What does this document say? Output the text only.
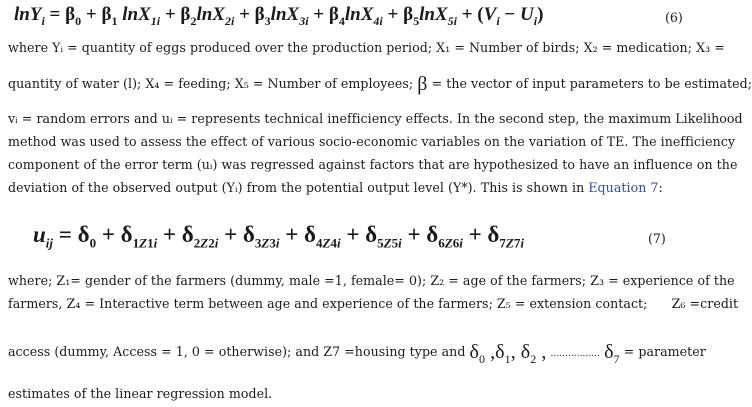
$\ln Y_i = \beta_0 + \beta_1$ $\ln X_{1i} + \beta_2\ln X_{2i} + \beta_3\ln X_{3i} + \beta_4\ln X_{4i} + \beta_5\ln X_{5i} + (V_i - U_i)$	(6)
where Yᵢ = quantity of eggs produced over the production period; X₁ = Number of birds; X₂ = medication; X₃ =
quantity of water (l); X₄ = feeding; X₅ = Number of employees; β = the vector of input parameters to be estimated;
vᵢ = random errors and uᵢ = represents technical inefficiency effects. In the second step, the maximum Likelihood
method was used to assess the effect of various socio-economic variables on the variation of TE. The inefficiency
component of the error term (uᵢ) was regressed against factors that are hypothesized to have an influence on the
deviation of the observed output (Yᵢ) from the potential output level (Y*). This is shown in Equation 7:
$u_{ij} = \delta_0 + \delta_{1Z1i} + \delta_{2Z2i} + \delta_{3Z3i} + \delta_{4Z4i} + \delta_{5Z5i} + \delta_{6Z6i} + \delta_{7Z7i}$	(7)
where; Z₁= gender of the farmers (dummy, male =1, female= 0); Z₂ = age of the farmers; Z₃ = experience of the
farmers, Z₄ = Interactive term between age and experience of the farmers; Z₅ = extension contact; Z₆ =credit
access (dummy, Access = 1, 0 = otherwise); and Z7 =housing type and $\delta_0$ $,\delta_1$, $\delta_2$ , ................. $\delta_7$ = parameter
estimates of the linear regression model.
